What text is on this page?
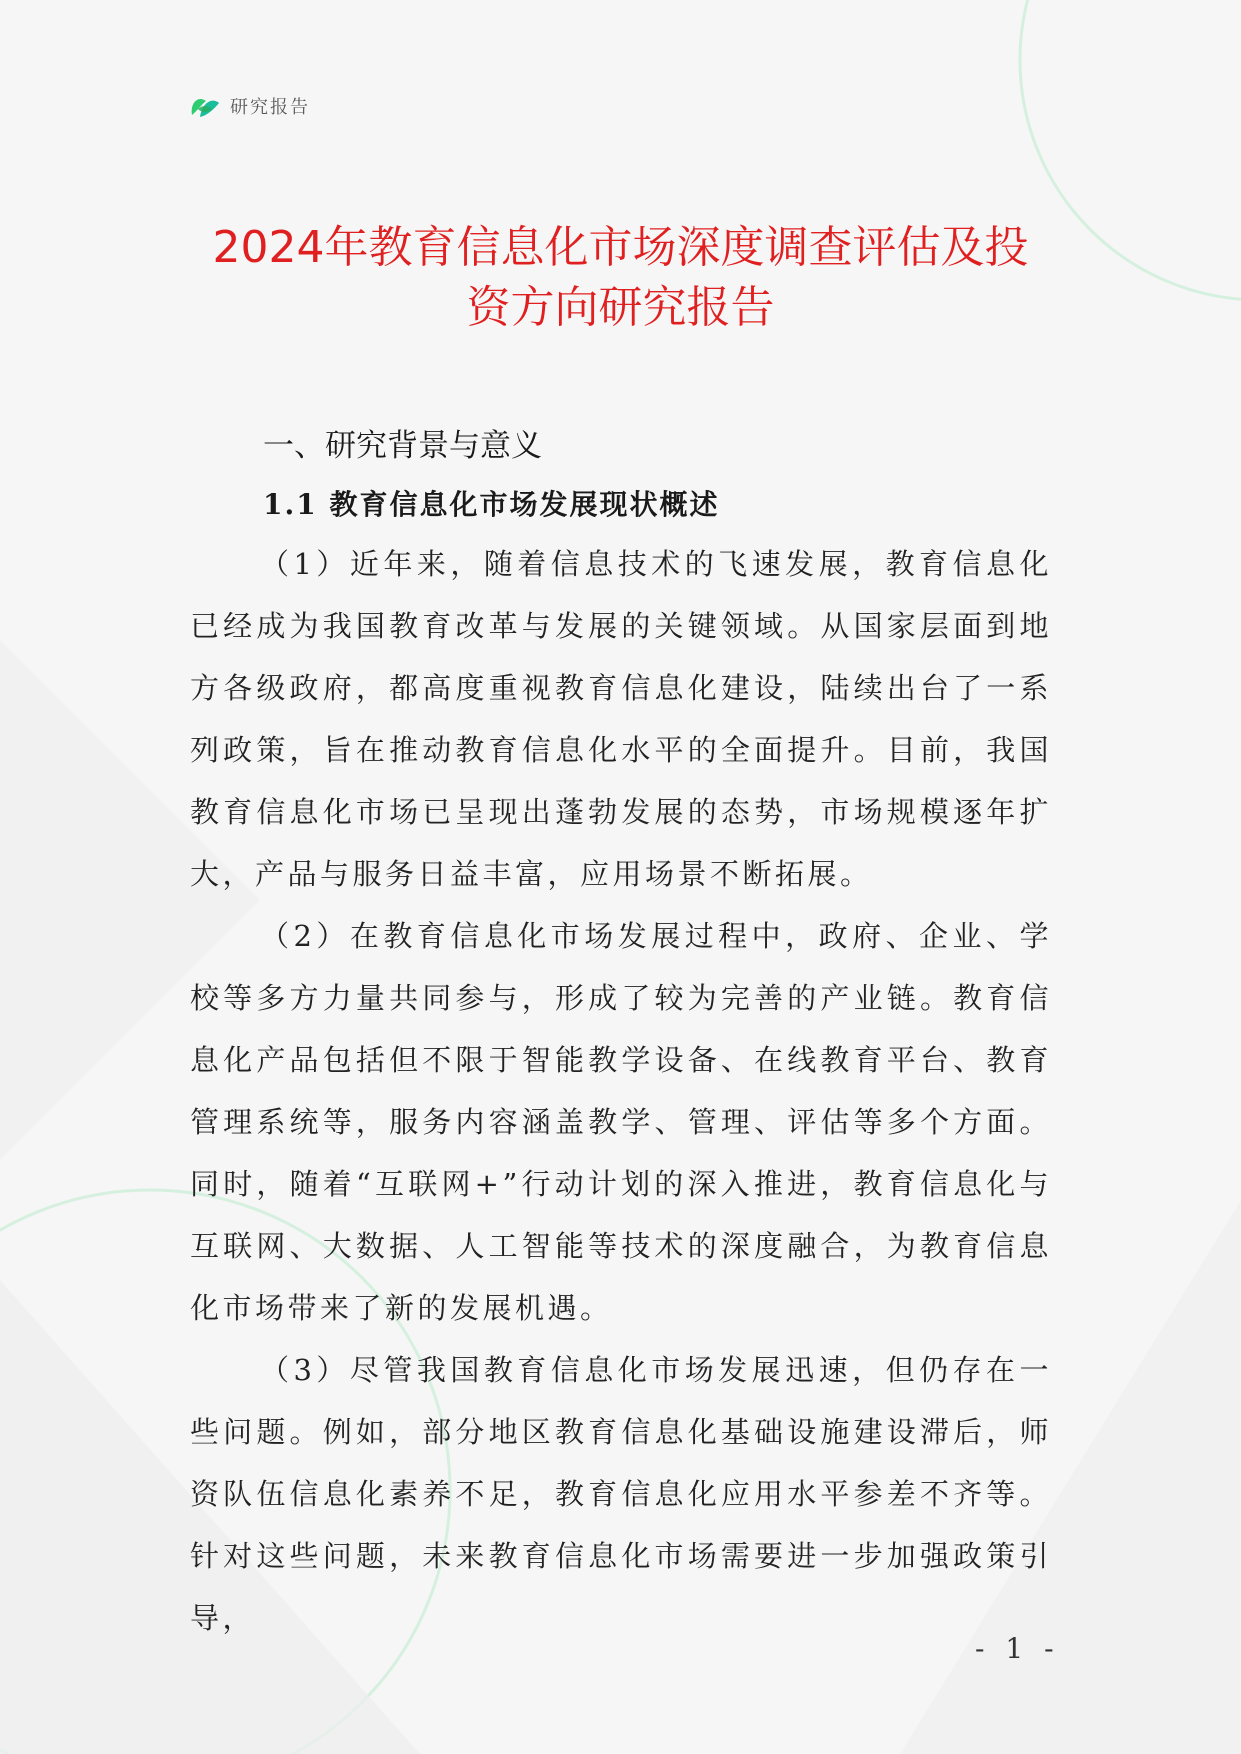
研究报告
2024年教育信息化市场深度调查评估及投
资方向研究报告
一、研究背景与意义
1.1 教育信息化市场发展现状概述

（1）近年来，随着信息技术的飞速发展，教育信息化已经成为我国教育改革与发展的关键领域。从国家层面到地方各级政府，都高度重视教育信息化建设，陆续出台了一系列政策，旨在推动教育信息化水平的全面提升。目前，我国教育信息化市场已呈现出蓬勃发展的态势，市场规模逐年扩大，产品与服务日益丰富，应用场景不断拓展。

（2）在教育信息化市场发展过程中，政府、企业、学校等多方力量共同参与，形成了较为完善的产业链。教育信息化产品包括但不限于智能教学设备、在线教育平台、教育管理系统等，服务内容涵盖教学、管理、评估等多个方面。同时，随着“互联网+”行动计划的深入推进，教育信息化与互联网、大数据、人工智能等技术的深度融合，为教育信息化市场带来了新的发展机遇。

（3）尽管我国教育信息化市场发展迅速，但仍存在一些问题。例如，部分地区教育信息化基础设施建设滞后，师资队伍信息化素养不足，教育信息化应用水平参差不齐等。针对这些问题，未来教育信息化市场需要进一步加强政策引导，

- 1 -
